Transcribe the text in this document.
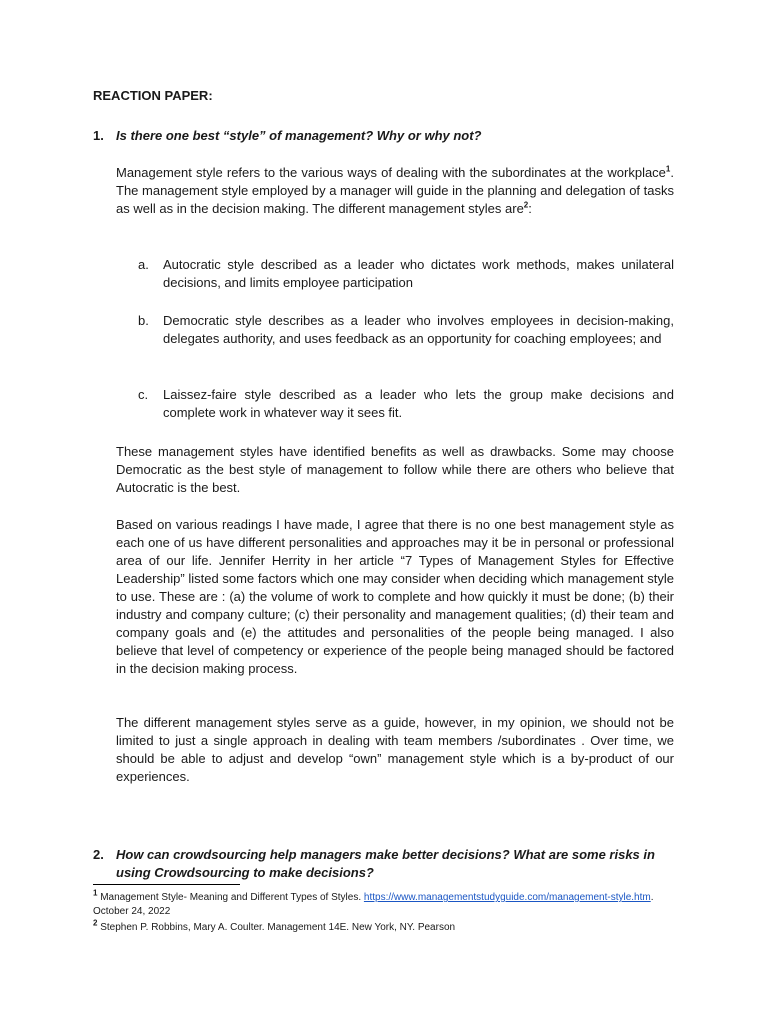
REACTION PAPER:

1. Is there one best “style” of management? Why or why not?

Management style refers to the various ways of dealing with the subordinates at the workplace$^1$. The management style employed by a manager will guide in the planning and delegation of tasks as well as in the decision making. The different management styles are$^2$:

a. Autocratic style described as a leader who dictates work methods, makes unilateral decisions, and limits employee participation
b. Democratic style describes as a leader who involves employees in decision-making, delegates authority, and uses feedback as an opportunity for coaching employees; and
c. Laissez-faire style described as a leader who lets the group make decisions and complete work in whatever way it sees fit.

These management styles have identified benefits as well as drawbacks. Some may choose Democratic as the best style of management to follow while there are others who believe that Autocratic is the best.

Based on various readings I have made, I agree that there is no one best management style as each one of us have different personalities and approaches may it be in personal or professional area of our life. Jennifer Herrity in her article “7 Types of Management Styles for Effective Leadership” listed some factors which one may consider when deciding which management style to use. These are : (a) the volume of work to complete and how quickly it must be done; (b) their industry and company culture; (c) their personality and management qualities; (d) their team and company goals and (e) the attitudes and personalities of the people being managed. I also believe that level of competency or experience of the people being managed should be factored in the decision making process.

The different management styles serve as a guide, however, in my opinion, we should not be limited to just a single approach in dealing with team members /subordinates . Over time, we should be able to adjust and develop “own” management style which is a by-product of our experiences.

2. How can crowdsourcing help managers make better decisions? What are some risks in using Crowdsourcing to make decisions?
$^1$ Management Style- Meaning and Different Types of Styles. https://www.managementstudyguide.com/management-style.htm. October 24, 2022
$^2$ Stephen P. Robbins, Mary A. Coulter. Management 14E. New York, NY. Pearson
